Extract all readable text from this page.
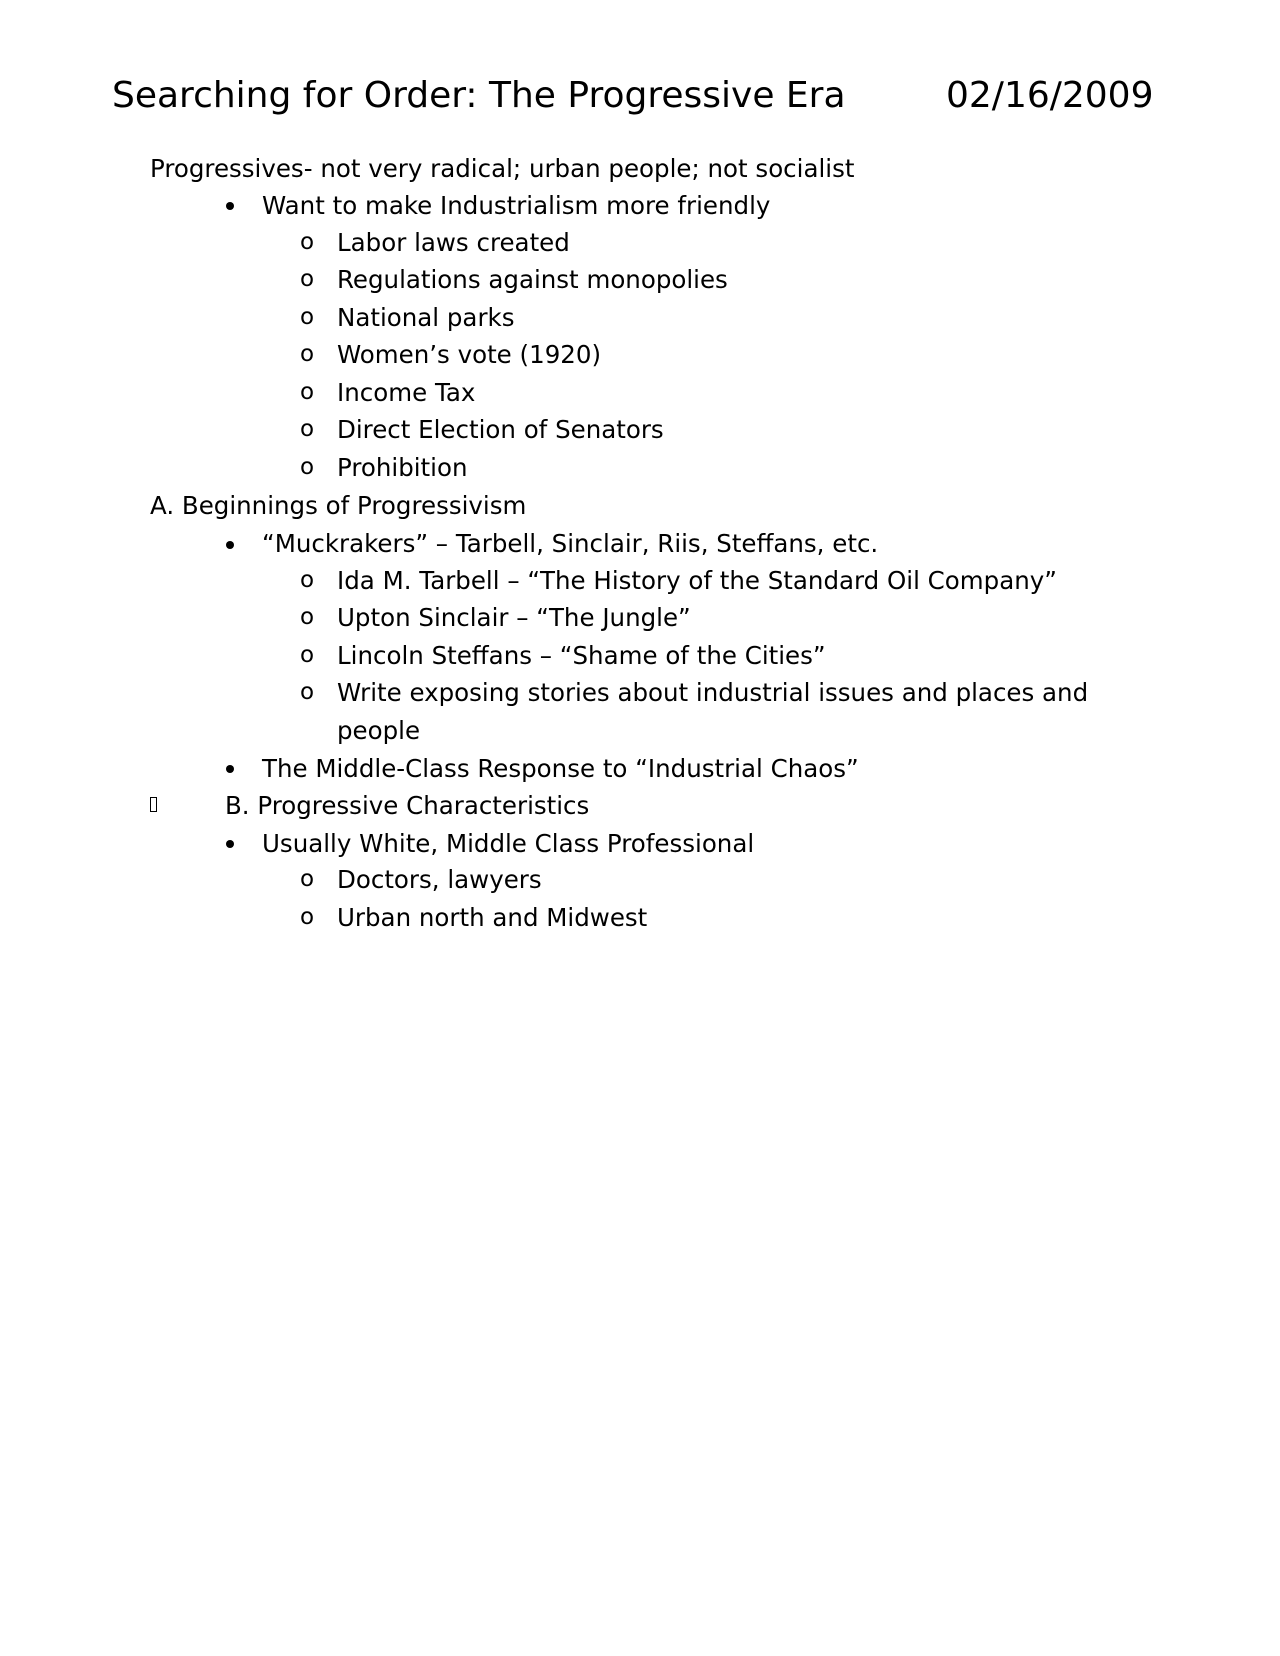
Searching for Order: The Progressive Era	02/16/2009
Progressives- not very radical; urban people; not socialist
Want to make Industrialism more friendly
o Labor laws created
o Regulations against monopolies
o National parks
o Women’s vote (1920)
o Income Tax
o Direct Election of Senators
o Prohibition
A. Beginnings of Progressivism
“Muckrakers” – Tarbell, Sinclair, Riis, Steffans, etc.
o Ida M. Tarbell – “The History of the Standard Oil Company”
o Upton Sinclair – “The Jungle”
o Lincoln Steffans – “Shame of the Cities”
o Write exposing stories about industrial issues and places and
people
The Middle-Class Response to “Industrial Chaos”
B. Progressive Characteristics
Usually White, Middle Class Professional
o Doctors, lawyers
o Urban north and Midwest
